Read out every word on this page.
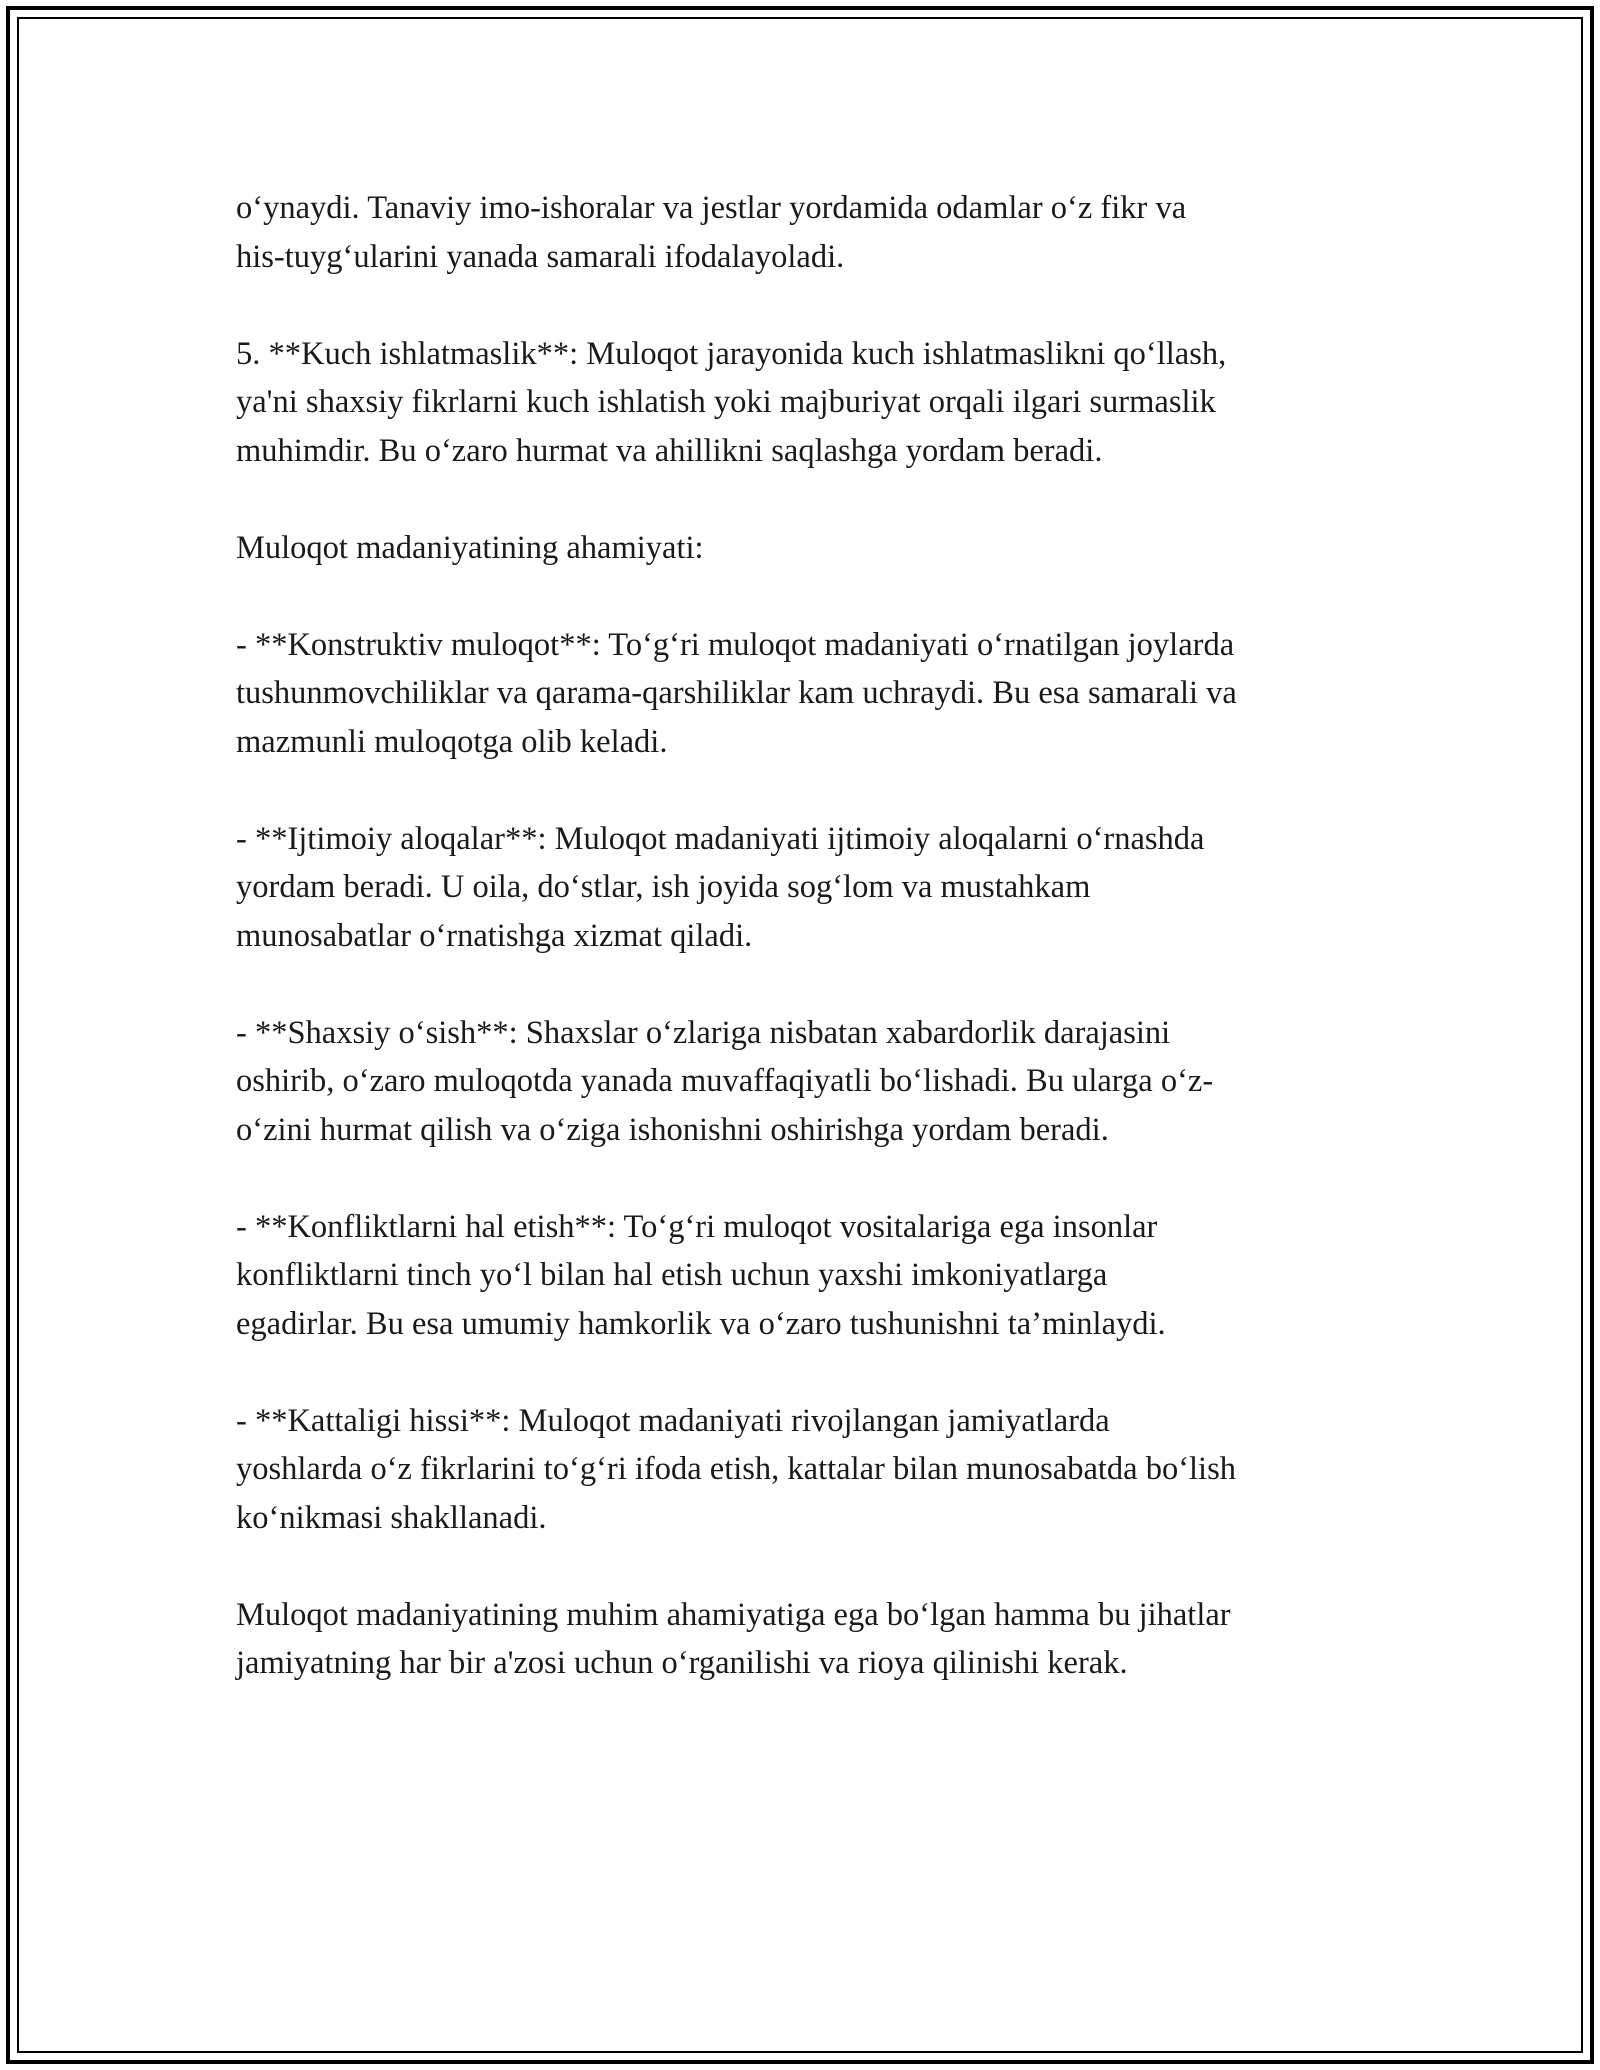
o‘ynaydi. Tanaviy imo-ishoralar va jestlar yordamida odamlar o‘z fikr va
his-tuyg‘ularini yanada samarali ifodalayoladi.

5. **Kuch ishlatmaslik**: Muloqot jarayonida kuch ishlatmaslikni qo‘llash,
ya'ni shaxsiy fikrlarni kuch ishlatish yoki majburiyat orqali ilgari surmaslik
muhimdir. Bu o‘zaro hurmat va ahillikni saqlashga yordam beradi.

Muloqot madaniyatining ahamiyati:

- **Konstruktiv muloqot**: To‘g‘ri muloqot madaniyati o‘rnatilgan joylarda
tushunmovchiliklar va qarama-qarshiliklar kam uchraydi. Bu esa samarali va
mazmunli muloqotga olib keladi.

- **Ijtimoiy aloqalar**: Muloqot madaniyati ijtimoiy aloqalarni o‘rnashda
yordam beradi. U oila, do‘stlar, ish joyida sog‘lom va mustahkam
munosabatlar o‘rnatishga xizmat qiladi.

- **Shaxsiy o‘sish**: Shaxslar o‘zlariga nisbatan xabardorlik darajasini
oshirib, o‘zaro muloqotda yanada muvaffaqiyatli bo‘lishadi. Bu ularga o‘z-
o‘zini hurmat qilish va o‘ziga ishonishni oshirishga yordam beradi.

- **Konfliktlarni hal etish**: To‘g‘ri muloqot vositalariga ega insonlar
konfliktlarni tinch yo‘l bilan hal etish uchun yaxshi imkoniyatlarga
egadirlar. Bu esa umumiy hamkorlik va o‘zaro tushunishni ta’minlaydi.

- **Kattaligi hissi**: Muloqot madaniyati rivojlangan jamiyatlarda
yoshlarda o‘z fikrlarini to‘g‘ri ifoda etish, kattalar bilan munosabatda bo‘lish
ko‘nikmasi shakllanadi.

Muloqot madaniyatining muhim ahamiyatiga ega bo‘lgan hamma bu jihatlar
jamiyatning har bir a'zosi uchun o‘rganilishi va rioya qilinishi kerak.
